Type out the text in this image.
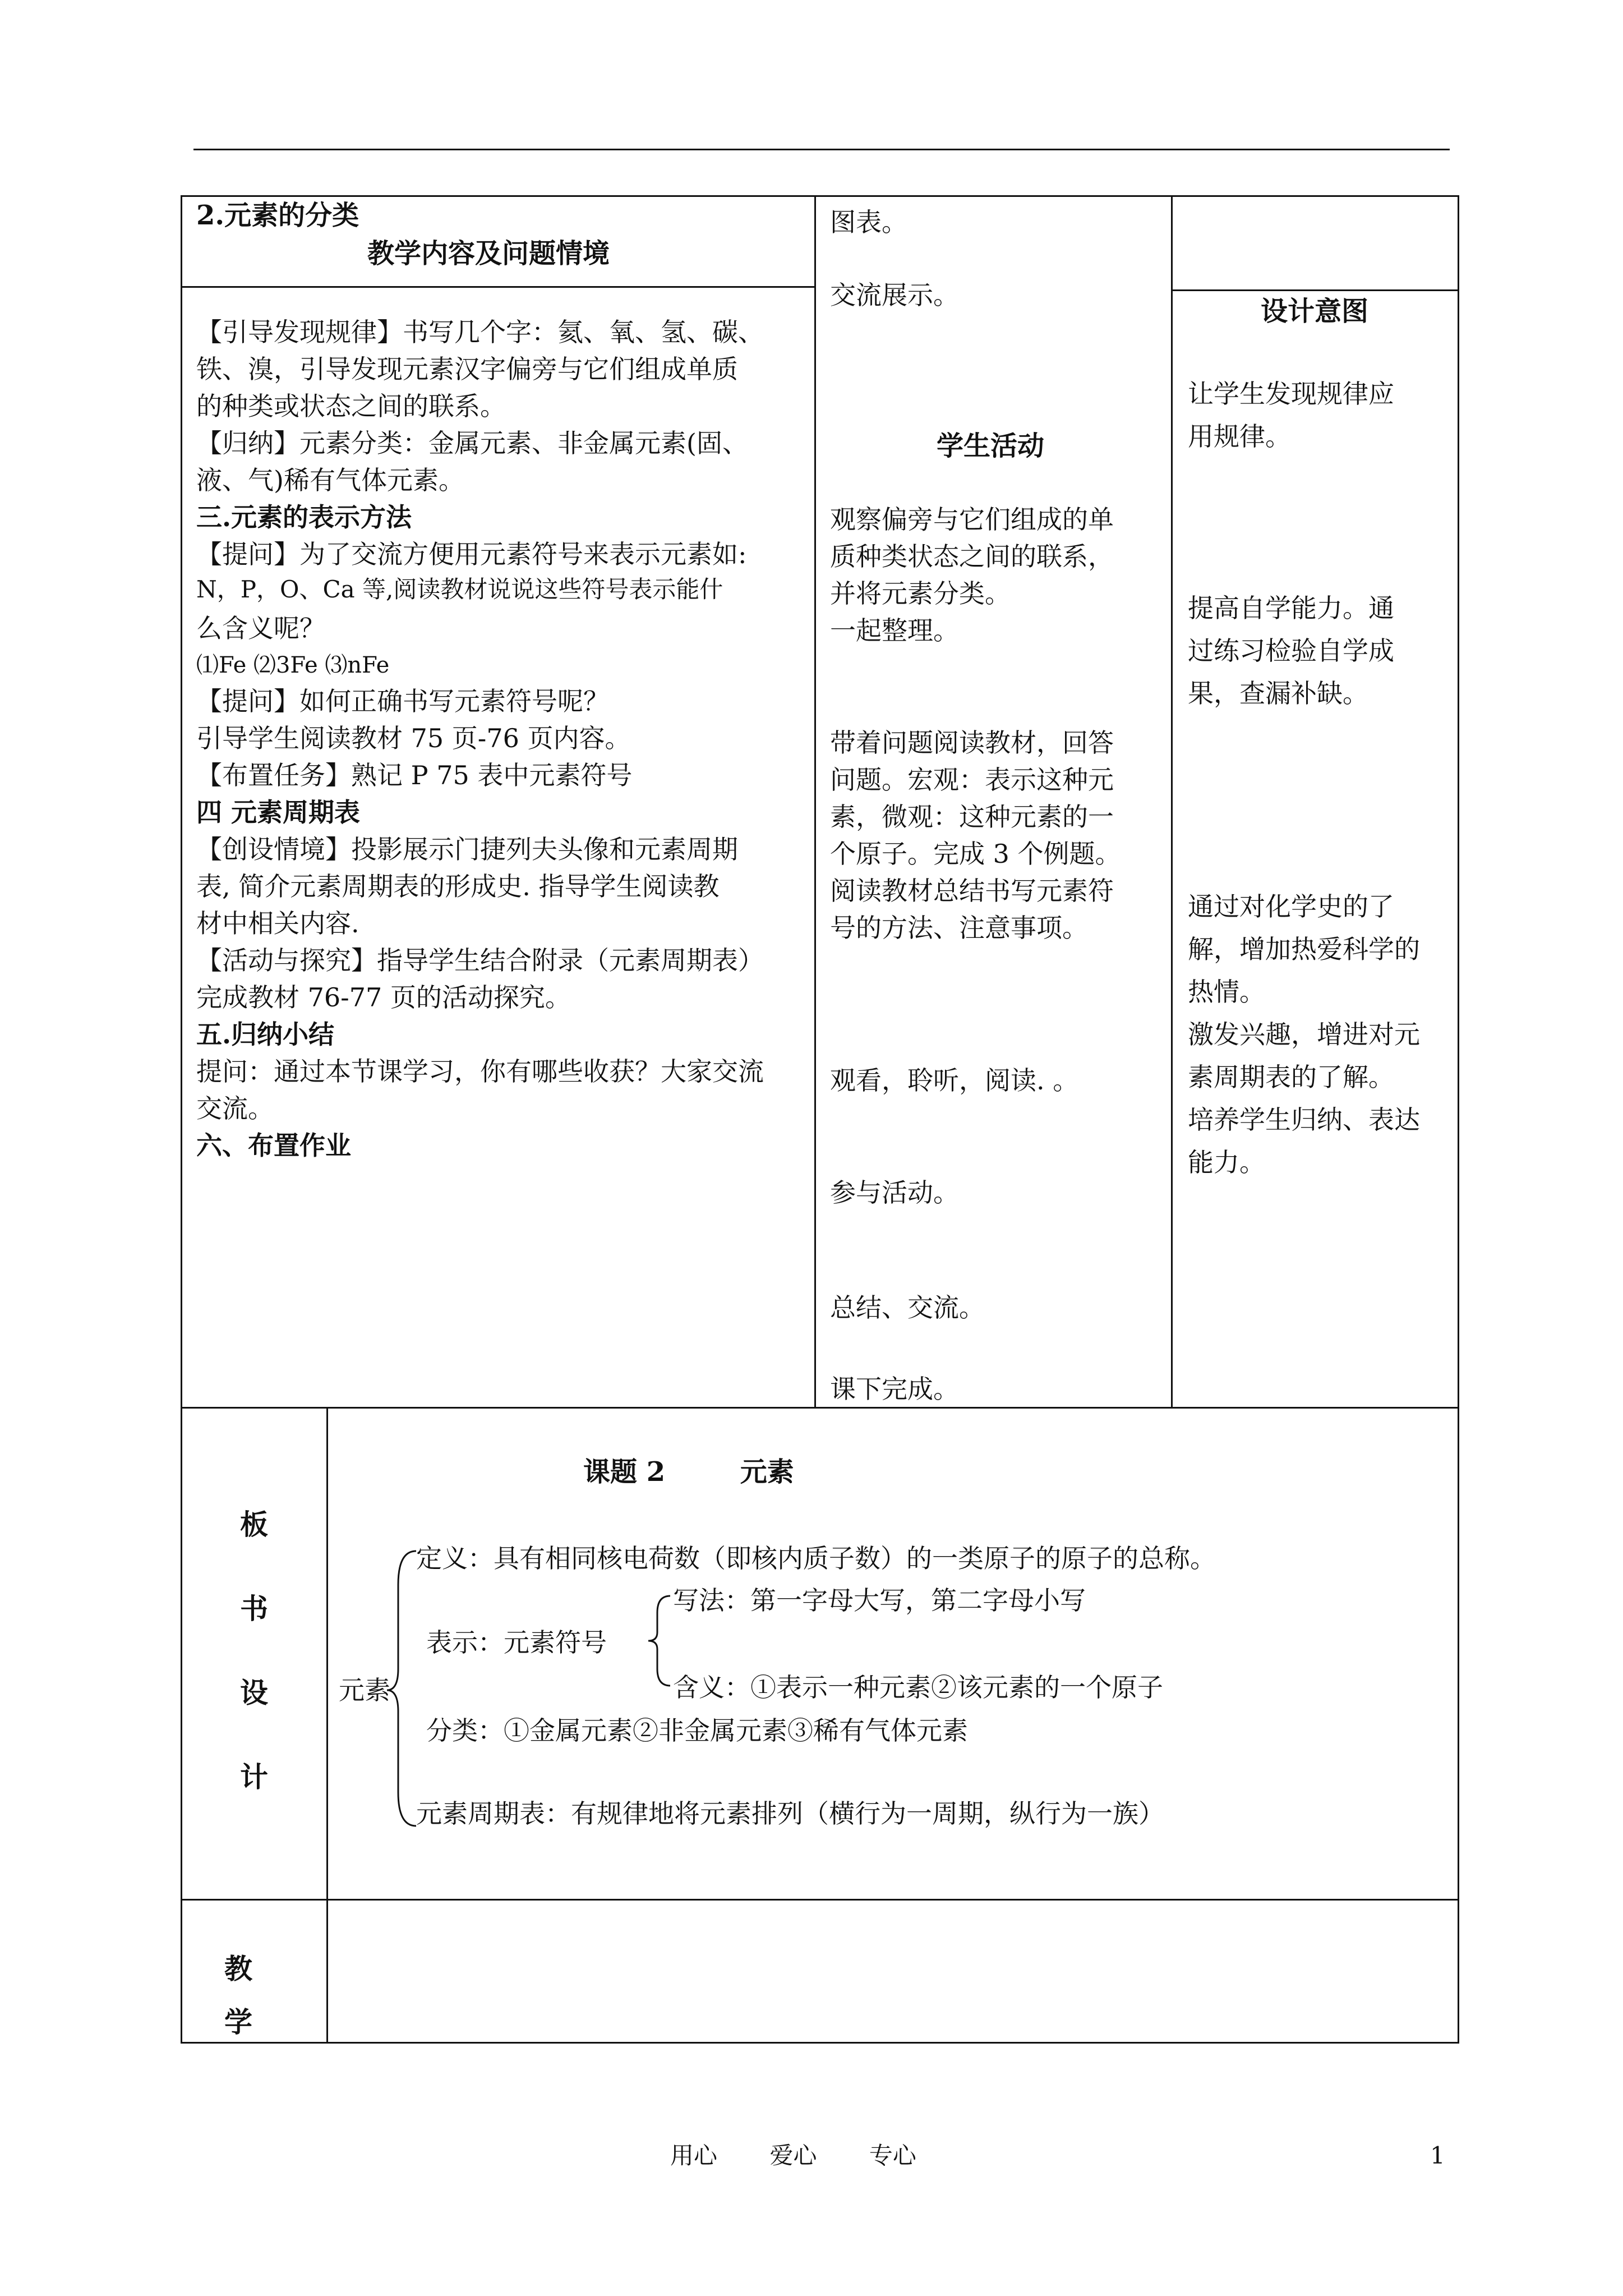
2.元素的分类
教学内容及问题情境
【引导发现规律】书写几个字：氦、氧、氢、碳、
铁、溴，引导发现元素汉字偏旁与它们组成单质
的种类或状态之间的联系。
【归纳】元素分类：金属元素、非金属元素(固、
液、气)稀有气体元素。
三.元素的表示方法
【提问】为了交流方便用元素符号来表示元素如:
N，P，O、Ca 等,阅读教材说说这些符号表示能什
么含义呢？
⑴Fe ⑵3Fe ⑶nFe
【提问】如何正确书写元素符号呢？
引导学生阅读教材 75 页-76 页内容。
【布置任务】熟记 P 75 表中元素符号
四 元素周期表
【创设情境】投影展示门捷列夫头像和元素周期
表, 简介元素周期表的形成史. 指导学生阅读教
材中相关内容.
【活动与探究】指导学生结合附录（元素周期表）
完成教材 76-77 页的活动探究。
五.归纳小结
提问：通过本节课学习，你有哪些收获？大家交流
交流。
六、布置作业
图表。
交流展示。
学生活动
观察偏旁与它们组成的单
质种类状态之间的联系，
并将元素分类。
一起整理。
带着问题阅读教材，回答
问题。宏观：表示这种元
素，微观：这种元素的一
个原子。完成 3 个例题。
阅读教材总结书写元素符
号的方法、注意事项。
观看，聆听，阅读. 。
参与活动。
总结、交流。
课下完成。
设计意图
让学生发现规律应
用规律。
提高自学能力。通
过练习检验自学成
果，查漏补缺。
通过对化学史的了
解，增加热爱科学的
热情。
激发兴趣，增进对元
素周期表的了解。
培养学生归纳、表达
能力。
板
书
设
计
课题 2        元素
定义：具有相同核电荷数（即核内质子数）的一类原子的原子的总称。
写法：第一字母大写，第二字母小写
表示：元素符号
元素	含义：①表示一种元素②该元素的一个原子
分类：①金属元素②非金属元素③稀有气体元素
元素周期表：有规律地将元素排列（横行为一周期，纵行为一族）
教
学
用心       爱心       专心	1
